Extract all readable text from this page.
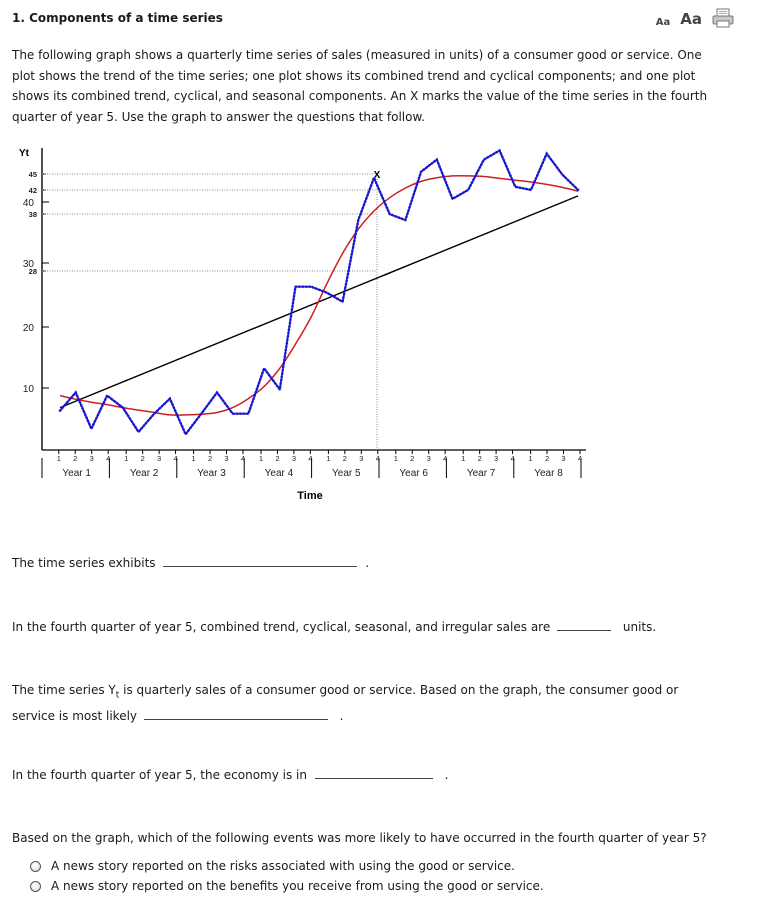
1. Components of a time series	Aa Aa
The following graph shows a quarterly time series of sales (measured in units) of a consumer good or service. One plot shows the trend of the time series; one plot shows its combined trend and cyclical components; and one plot shows its combined trend, cyclical, and seasonal components. An X marks the value of the time series in the fourth quarter of year 5. Use the graph to answer the questions that follow.
Yt
45
42
40
38
30
28
20
10
1 2 3 4
Year 1
1 2 3 4
Year 2
1 2 3 4
Year 3
1 2 3 4
Year 4
1 2 3 4
Year 5
1 2 3 4
Year 6
1 2 3 4
Year 7
1 2 3 4
Year 8
Time
X
The time series exhibits	.
In the fourth quarter of year 5, combined trend, cyclical, seasonal, and irregular sales are	units.
The time series $Y_t$ is quarterly sales of a consumer good or service. Based on the graph, the consumer good or
service is most likely	.
In the fourth quarter of year 5, the economy is in	.
Based on the graph, which of the following events was more likely to have occurred in the fourth quarter of year 5?
A news story reported on the risks associated with using the good or service.
A news story reported on the benefits you receive from using the good or service.
